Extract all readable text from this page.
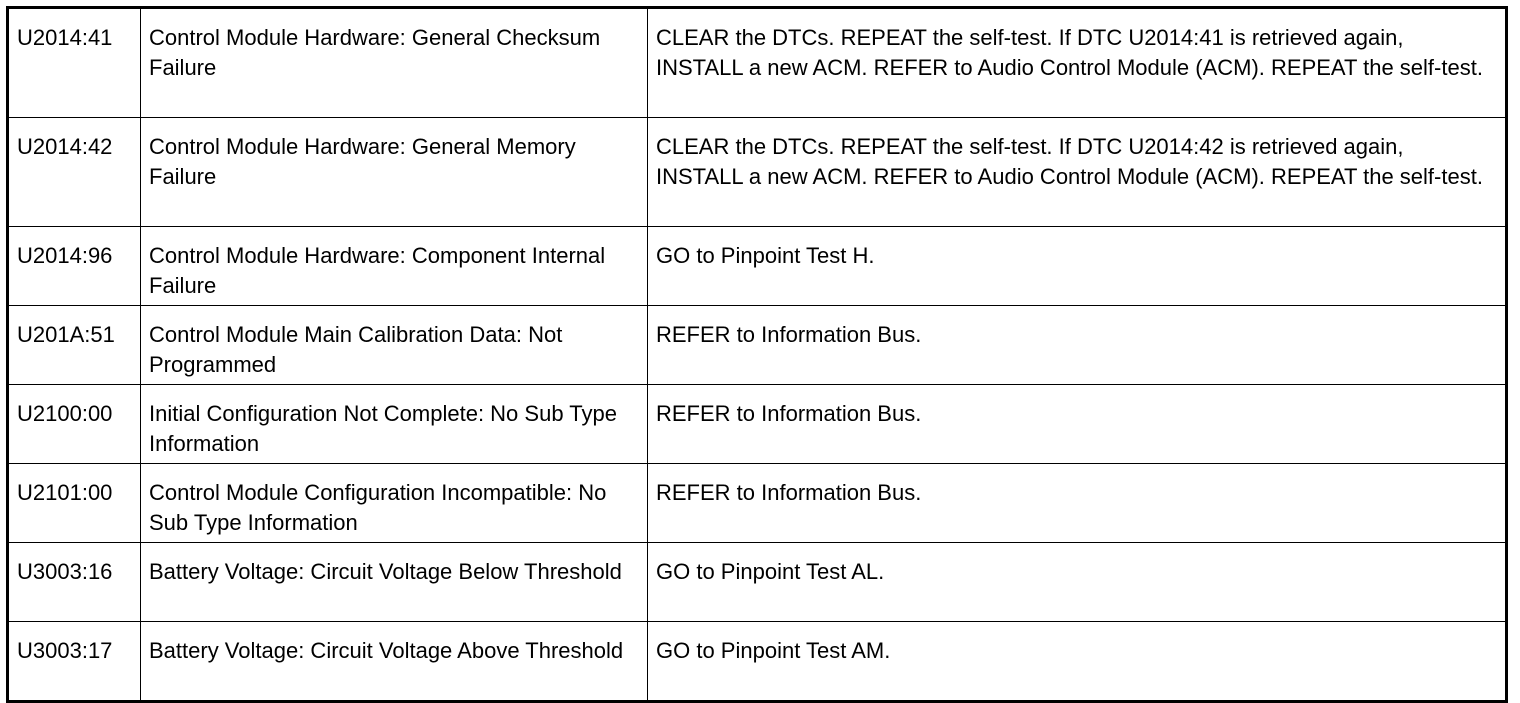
U2014:41	Control Module Hardware: General Checksum Failure	CLEAR the DTCs. REPEAT the self-test. If DTC U2014:41 is retrieved again, INSTALL a new ACM. REFER to Audio Control Module (ACM). REPEAT the self-test.
U2014:42	Control Module Hardware: General Memory Failure	CLEAR the DTCs. REPEAT the self-test. If DTC U2014:42 is retrieved again, INSTALL a new ACM. REFER to Audio Control Module (ACM). REPEAT the self-test.
U2014:96	Control Module Hardware: Component Internal Failure	GO to Pinpoint Test H.
U201A:51	Control Module Main Calibration Data: Not Programmed	REFER to Information Bus.
U2100:00	Initial Configuration Not Complete: No Sub Type Information	REFER to Information Bus.
U2101:00	Control Module Configuration Incompatible: No Sub Type Information	REFER to Information Bus.
U3003:16	Battery Voltage: Circuit Voltage Below Threshold	GO to Pinpoint Test AL.
U3003:17	Battery Voltage: Circuit Voltage Above Threshold	GO to Pinpoint Test AM.
